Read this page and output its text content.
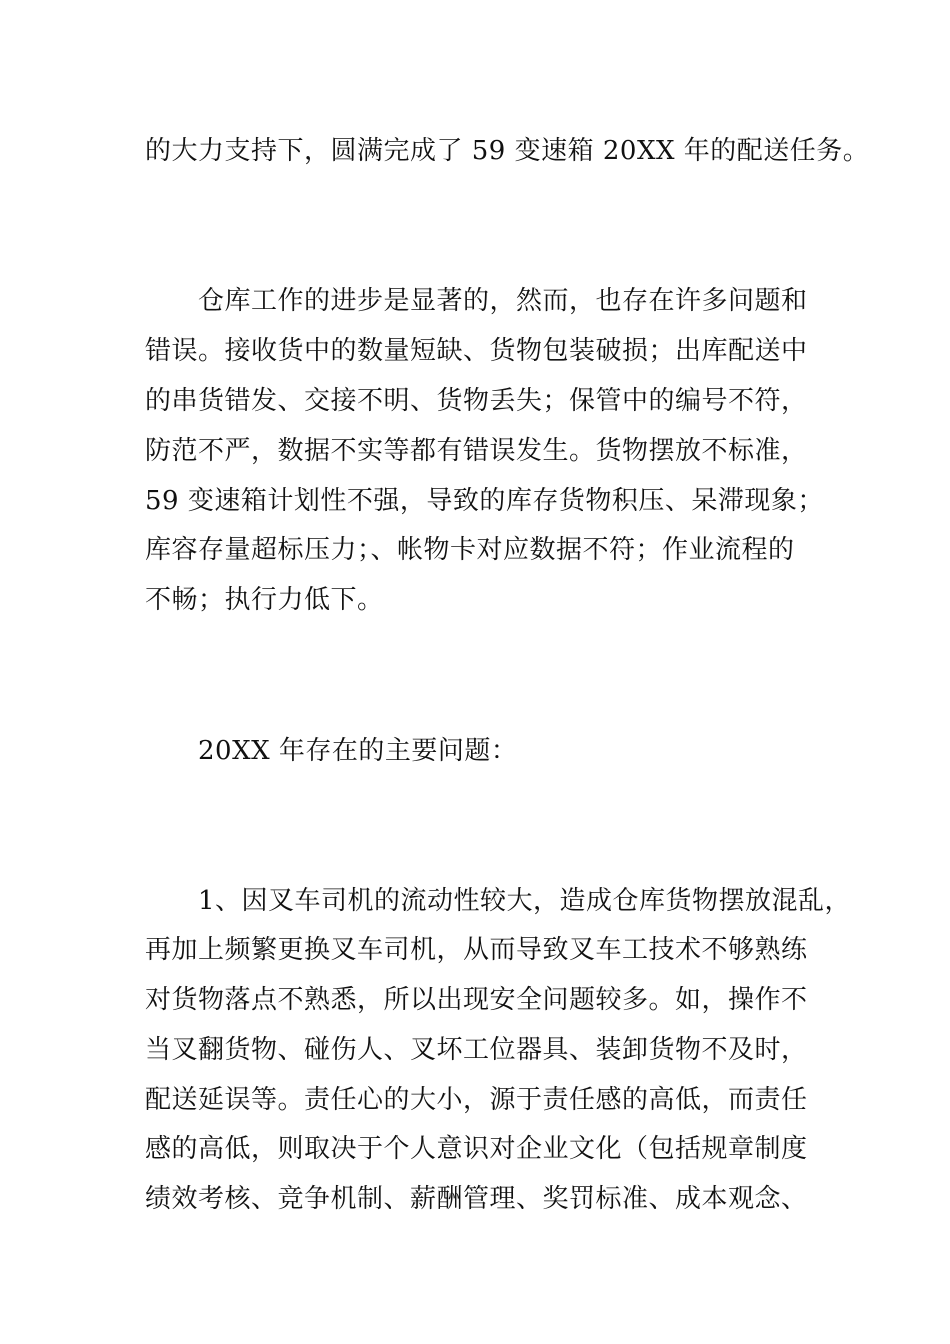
的大力支持下，圆满完成了 59 变速箱 20XX 年的配送任务。
　　仓库工作的进步是显著的，然而，也存在许多问题和
错误。接收货中的数量短缺、货物包装破损；出库配送中
的串货错发、交接不明、货物丢失；保管中的编号不符，
防范不严，数据不实等都有错误发生。货物摆放不标准，
59 变速箱计划性不强，导致的库存货物积压、呆滞现象；
库容存量超标压力；、帐物卡对应数据不符；作业流程的
不畅；执行力低下。
　　20XX 年存在的主要问题：
　　1、因叉车司机的流动性较大，造成仓库货物摆放混乱，
再加上频繁更换叉车司机，从而导致叉车工技术不够熟练
对货物落点不熟悉，所以出现安全问题较多。如，操作不
当叉翻货物、碰伤人、叉坏工位器具、装卸货物不及时，
配送延误等。责任心的大小，源于责任感的高低，而责任
感的高低，则取决于个人意识对企业文化（包括规章制度
绩效考核、竞争机制、薪酬管理、奖罚标准、成本观念、
